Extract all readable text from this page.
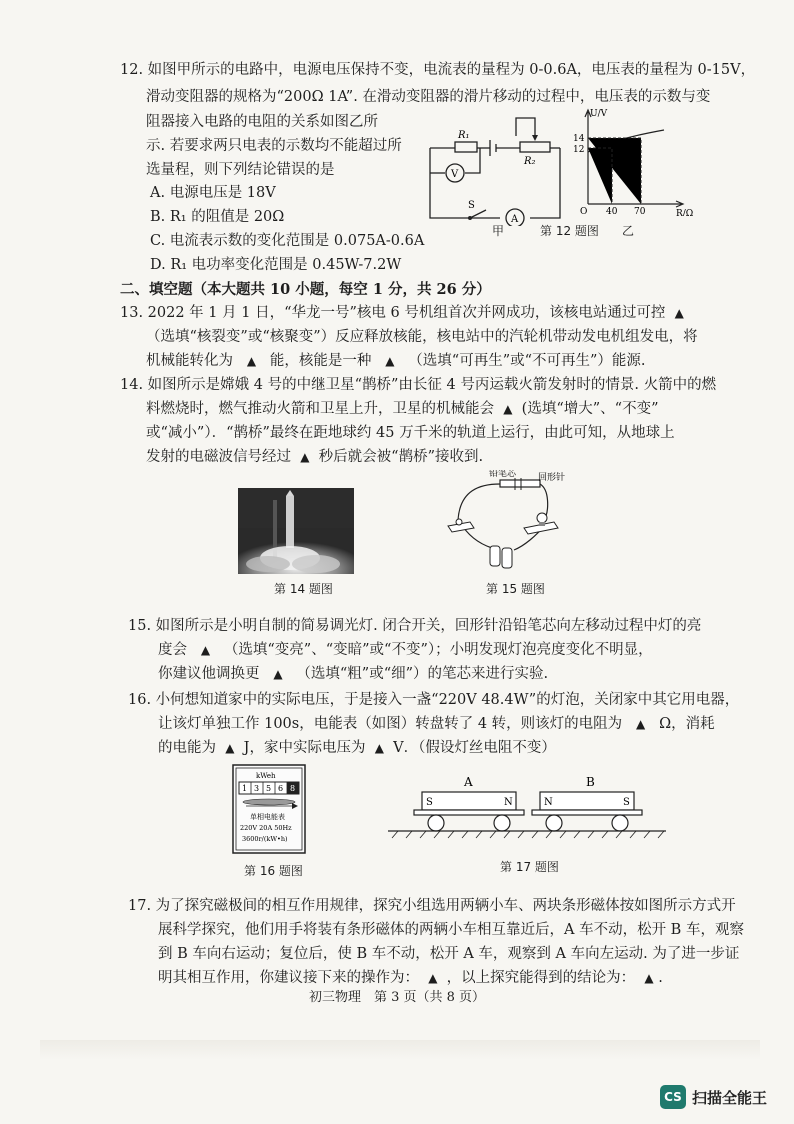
12. 如图甲所示的电路中，电源电压保持不变，电流表的量程为 0-0.6A，电压表的量程为 0-15V，
滑动变阻器的规格为“200Ω 1A”. 在滑动变阻器的滑片移动的过程中，电压表的示数与变
阻器接入电路的电阻的关系如图乙所
示. 若要求两只电表的示数均不能超过所
选量程，则下列结论错误的是
A. 电源电压是 18V
B. R₁ 的阻值是 20Ω
C. 电流表示数的变化范围是 0.075A-0.6A
D. R₁ 电功率变化范围是 0.45W-7.2W
R₁
R₂
V
A
S
U/V
R/Ω
O
14
12
40 70
甲	第 12 题图 乙
二、填空题（本大题共 10 小题，每空 1 分，共 26 分）
13. 2022 年 1 月 1 日，“华龙一号”核电 6 号机组首次并网成功，该核电站通过可控 ▲
（选填“核裂变”或“核聚变”）反应释放核能，核电站中的汽轮机带动发电机组发电，将
机械能转化为 ▲ 能，核能是一种 ▲ （选填“可再生”或“不可再生”）能源.
14. 如图所示是嫦娥 4 号的中继卫星“鹊桥”由长征 4 号丙运载火箭发射时的情景. 火箭中的燃
料燃烧时，燃气推动火箭和卫星上升，卫星的机械能会 ▲ (选填“增大”、“不变”
或“减小”）．“鹊桥”最终在距地球约 45 万千米的轨道上运行，由此可知，从地球上
发射的电磁波信号经过 ▲ 秒后就会被“鹊桥”接收到.
第 14 题图
铅笔芯 回形针
第 15 题图
15. 如图所示是小明自制的简易调光灯. 闭合开关，回形针沿铅笔芯向左移动过程中灯的亮
度会 ▲ （选填“变亮”、“变暗”或“不变”）；小明发现灯泡亮度变化不明显，
你建议他调换更 ▲ （选填“粗”或“细”）的笔芯来进行实验.
16. 小何想知道家中的实际电压，于是接入一盏“220V 48.4W”的灯泡，关闭家中其它用电器，
让该灯单独工作 100s，电能表（如图）转盘转了 4 转，则该灯的电阻为 ▲ Ω，消耗
的电能为 ▲ J，家中实际电压为 ▲ V．（假设灯丝电阻不变）
kWeh
1 3 5 6 8
单相电能表
220V 20A 50Hz
3600r/(kW•h)
第 16 题图
A	B
S	N	N	S
第 17 题图
17. 为了探究磁极间的相互作用规律，探究小组选用两辆小车、两块条形磁体按如图所示方式开
展科学探究，他们用手将装有条形磁体的两辆小车相互靠近后，A 车不动，松开 B 车，观察
到 B 车向右运动；复位后，使 B 车不动，松开 A 车，观察到 A 车向左运动. 为了进一步证
明其相互作用，你建议接下来的操作为： ▲ ，以上探究能得到的结论为： ▲ .
初三物理　第 3 页（共 8 页）
CS 扫描全能王
